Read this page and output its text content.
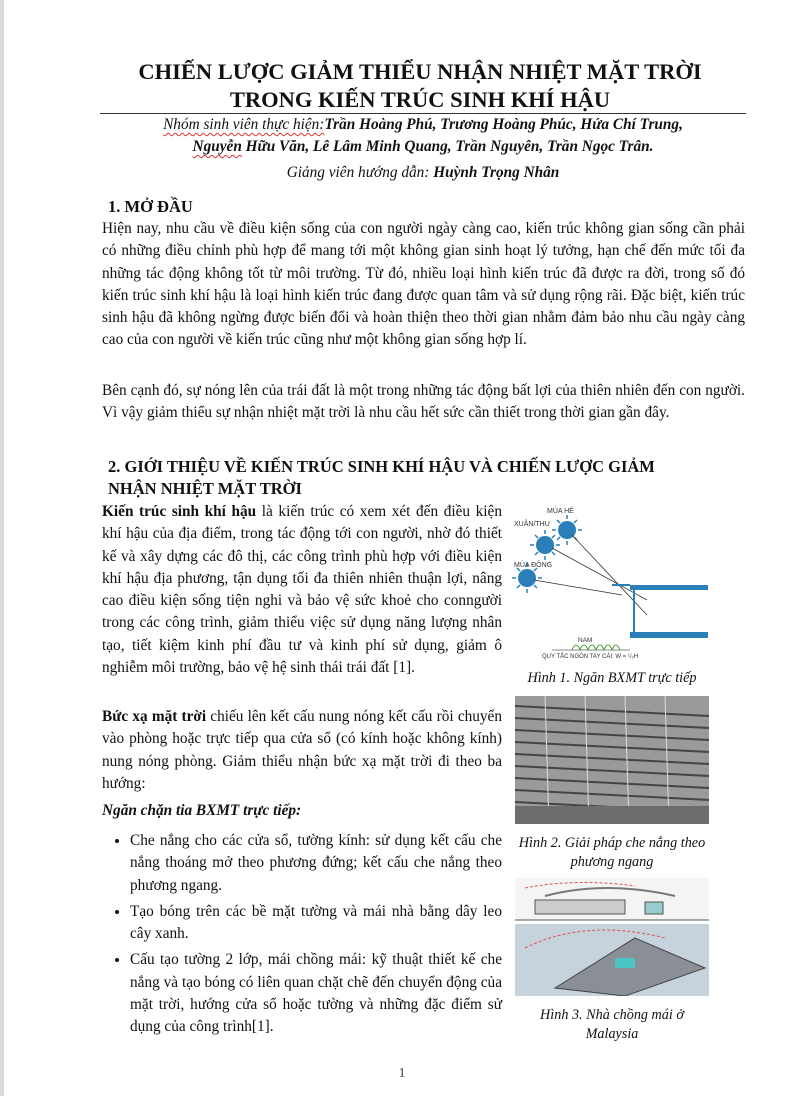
CHIẾN LƯỢC GIẢM THIỂU NHẬN NHIỆT MẶT TRỜI
TRONG KIẾN TRÚC SINH KHÍ HẬU
Nhóm sinh viên thực hiện:Trần Hoàng Phú, Trương Hoàng Phúc, Hứa Chí Trung,
Nguyễn Hữu Văn, Lê Lâm Minh Quang, Trần Nguyên, Trần Ngọc Trân.
Giảng viên hướng dẫn: Huỳnh Trọng Nhân
1. MỞ ĐẦU
Hiện nay, nhu cầu về điều kiện sống của con người ngày càng cao, kiến trúc không gian sống cần phải có những điều chỉnh phù hợp để mang tới một không gian sinh hoạt lý tưởng, hạn chế đến mức tối đa những tác động không tốt từ môi trường. Từ đó, nhiều loại hình kiến trúc đã được ra đời, trong số đó kiến trúc sinh khí hậu là loại hình kiến trúc đang được quan tâm và sử dụng rộng rãi. Đặc biệt, kiến trúc sinh hậu đã không ngừng được biến đổi và hoàn thiện theo thời gian nhằm đảm bảo nhu cầu ngày càng cao của con người về kiến trúc cũng như một không gian sống hợp lí.
Bên cạnh đó, sự nóng lên của trái đất là một trong những tác động bất lợi của thiên nhiên đến con người. Vì vậy giảm thiểu sự nhận nhiệt mặt trời là nhu cầu hết sức cần thiết trong thời gian gần đây.
2. GIỚI THIỆU VỀ KIẾN TRÚC SINH KHÍ HẬU VÀ CHIẾN LƯỢC GIẢM
NHẬN NHIỆT MẶT TRỜI
Kiến trúc sinh khí hậu là kiến trúc có xem xét đến điều kiện khí hậu của địa điểm, trong tác động tới con người, nhờ đó thiết kế và xây dựng các đô thị, các công trình phù hợp với điều kiện khí hậu địa phương, tận dụng tối đa thiên nhiên thuận lợi, nâng cao điều kiện sống tiện nghi và bảo vệ sức khoẻ cho conngười trong các công trình, giảm thiểu việc sử dụng năng lượng nhân tạo, tiết kiệm kinh phí đầu tư và kinh phí sử dụng, giảm ô nghiễm môi trường, bảo vệ hệ sinh thái trái đất [1].
Bức xạ mặt trời chiếu lên kết cấu nung nóng kết cấu rồi chuyển vào phòng hoặc trực tiếp qua cửa sổ (có kính hoặc không kính) nung nóng phòng. Giảm thiểu nhận bức xạ mặt trời đi theo ba hướng:
Ngăn chặn tia BXMT trực tiếp:
• Che nắng cho các cửa sổ, tường kính: sử dụng kết cấu che nắng thoáng mở theo phương đứng; kết cấu che nắng theo phương ngang.
• Tạo bóng trên các bề mặt tường và mái nhà bằng dây leo cây xanh.
• Cấu tạo tường 2 lớp, mái chồng mái: kỹ thuật thiết kế che nắng và tạo bóng có liên quan chặt chẽ đến chuyển động của mặt trời, hướng cửa sổ hoặc tường và những đặc điểm sử dụng của công trình[1].
MÙA HÈ
XUÂN/THU
MÙA ĐÔNG
NAM
QUY TẮC NGÓN TAY CÁI: W = ¹/₂H
Hình 1. Ngăn BXMT trực tiếp
Hình 2. Giải pháp che nắng theo phương ngang
Hình 3. Nhà chồng mái ở Malaysia
1
